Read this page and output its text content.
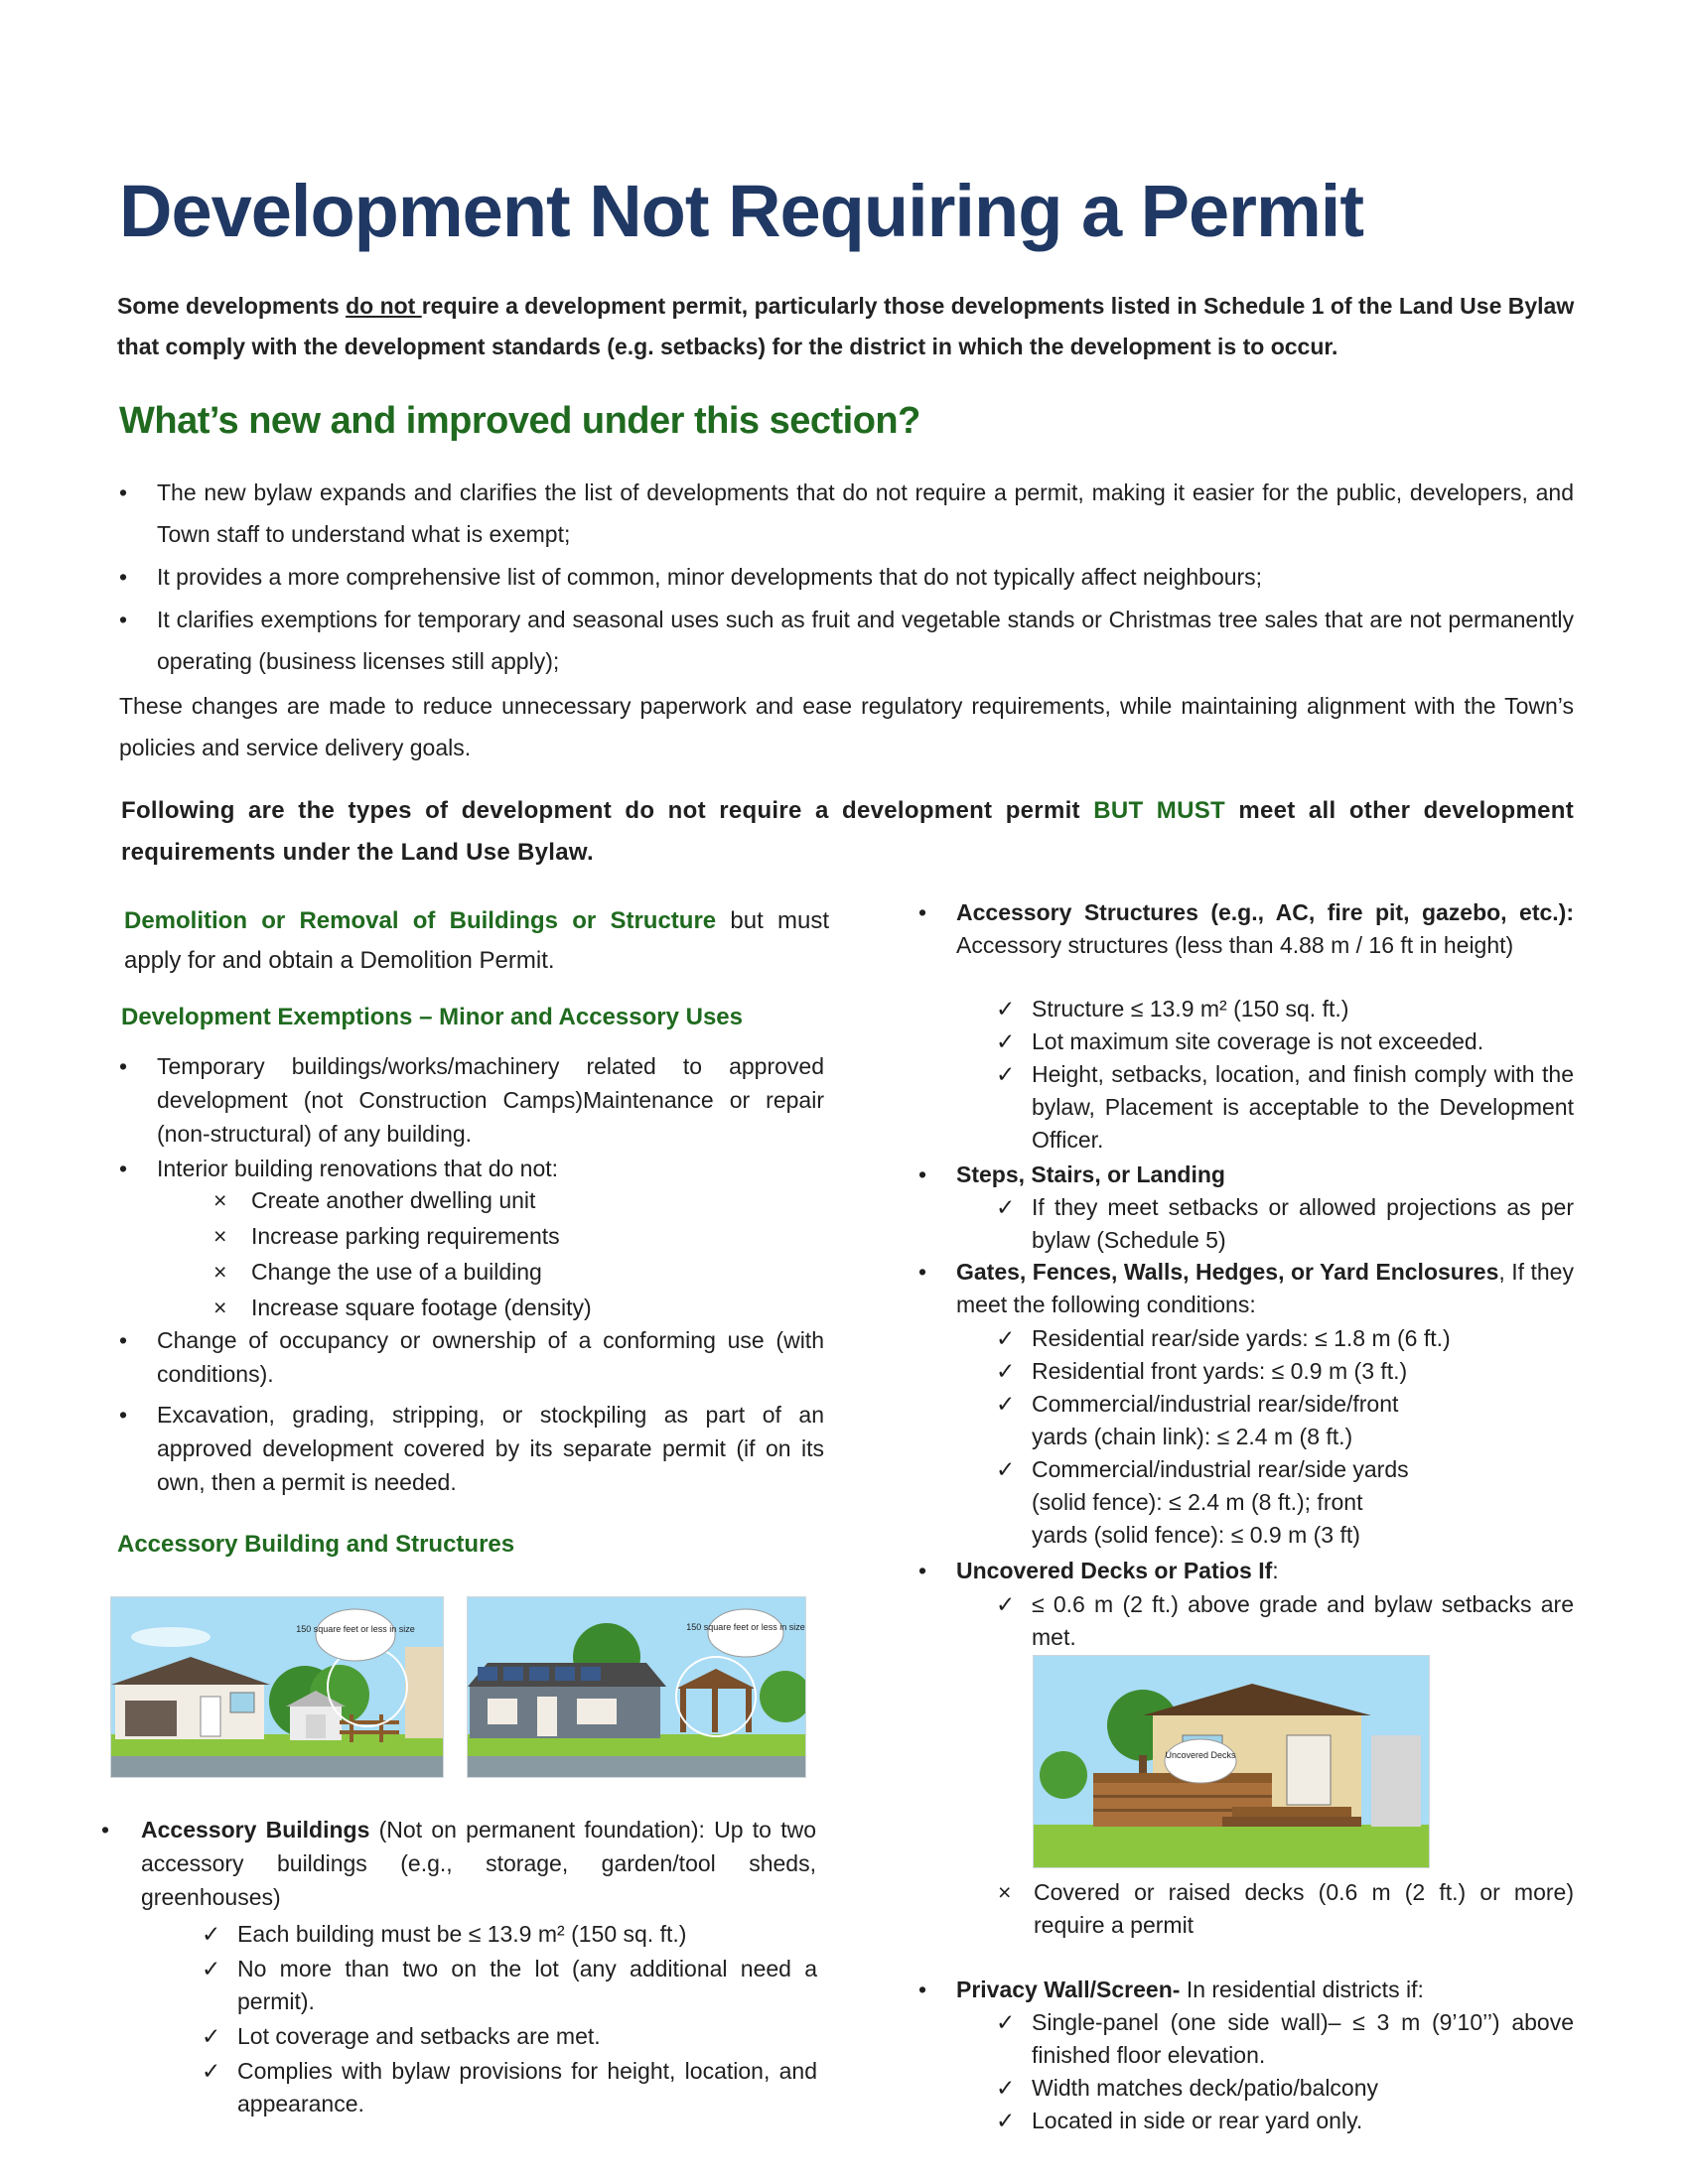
Development Not Requiring a Permit
Some developments do not require a development permit, particularly those developments listed in Schedule 1 of the Land Use Bylaw that comply with the development standards (e.g. setbacks) for the district in which the development is to occur.
What’s new and improved under this section?
• The new bylaw expands and clarifies the list of developments that do not require a permit, making it easier for the public, developers, and Town staff to understand what is exempt;
• It provides a more comprehensive list of common, minor developments that do not typically affect neighbours;
• It clarifies exemptions for temporary and seasonal uses such as fruit and vegetable stands or Christmas tree sales that are not permanently operating (business licenses still apply);
These changes are made to reduce unnecessary paperwork and ease regulatory requirements, while maintaining alignment with the Town’s policies and service delivery goals.
Following are the types of development do not require a development permit BUT MUST meet all other development requirements under the Land Use Bylaw.
Demolition or Removal of Buildings or Structure but must apply for and obtain a Demolition Permit.
Development Exemptions – Minor and Accessory Uses
• Temporary buildings/works/machinery related to approved development (not Construction Camps)Maintenance or repair (non-structural) of any building.
• Interior building renovations that do not:
× Create another dwelling unit
× Increase parking requirements
× Change the use of a building
× Increase square footage (density)
• Change of occupancy or ownership of a conforming use (with conditions).
• Excavation, grading, stripping, or stockpiling as part of an approved development covered by its separate permit (if on its own, then a permit is needed.
Accessory Building and Structures
150 square feet or less in size	150 square feet or less in size
• Accessory Buildings (Not on permanent foundation): Up to two accessory buildings (e.g., storage, garden/tool sheds, greenhouses)
✓ Each building must be ≤ 13.9 m² (150 sq. ft.)
✓ No more than two on the lot (any additional need a permit).
✓ Lot coverage and setbacks are met.
✓ Complies with bylaw provisions for height, location, and appearance.
• Accessory Structures (e.g., AC, fire pit, gazebo, etc.): Accessory structures (less than 4.88 m / 16 ft in height)
✓ Structure ≤ 13.9 m² (150 sq. ft.)
✓ Lot maximum site coverage is not exceeded.
✓ Height, setbacks, location, and finish comply with the bylaw, Placement is acceptable to the Development Officer.
• Steps, Stairs, or Landing
✓ If they meet setbacks or allowed projections as per bylaw (Schedule 5)
• Gates, Fences, Walls, Hedges, or Yard Enclosures, If they meet the following conditions:
✓ Residential rear/side yards: ≤ 1.8 m (6 ft.)
✓ Residential front yards: ≤ 0.9 m (3 ft.)
✓ Commercial/industrial rear/side/front yards (chain link): ≤ 2.4 m (8 ft.)
✓ Commercial/industrial rear/side yards (solid fence): ≤ 2.4 m (8 ft.); front yards (solid fence): ≤ 0.9 m (3 ft)
• Uncovered Decks or Patios If:
✓ ≤ 0.6 m (2 ft.) above grade and bylaw setbacks are met.
Uncovered Decks
× Covered or raised decks (0.6 m (2 ft.) or more) require a permit
• Privacy Wall/Screen- In residential districts if:
✓ Single-panel (one side wall)– ≤ 3 m (9’10’’) above finished floor elevation.
✓ Width matches deck/patio/balcony
✓ Located in side or rear yard only.
